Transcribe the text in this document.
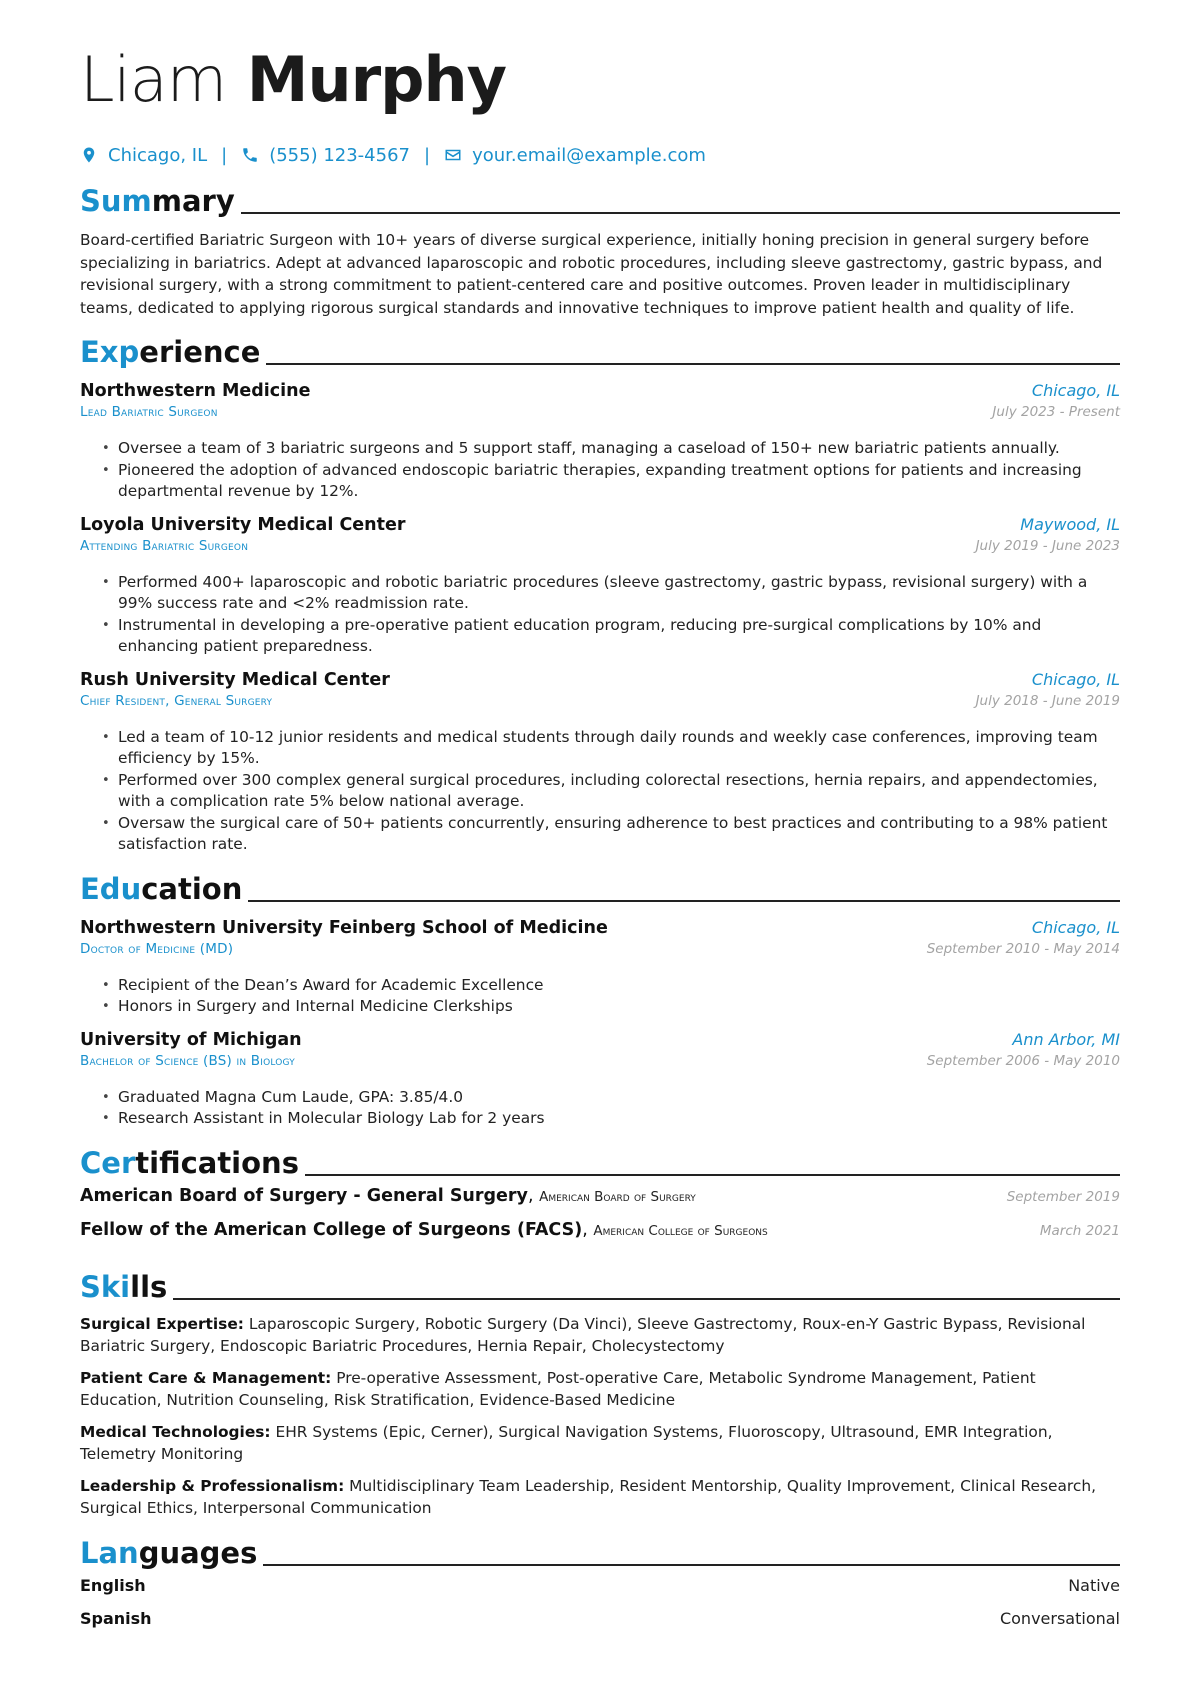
Liam Murphy
Chicago, IL | (555) 123-4567 | your.email@example.com
Summary
Board-certified Bariatric Surgeon with 10+ years of diverse surgical experience, initially honing precision in general surgery before specializing in bariatrics. Adept at advanced laparoscopic and robotic procedures, including sleeve gastrectomy, gastric bypass, and revisional surgery, with a strong commitment to patient-centered care and positive outcomes. Proven leader in multidisciplinary teams, dedicated to applying rigorous surgical standards and innovative techniques to improve patient health and quality of life.
Experience
Northwestern Medicine	Chicago, IL
Lead Bariatric Surgeon	July 2023 - Present
• Oversee a team of 3 bariatric surgeons and 5 support staff, managing a caseload of 150+ new bariatric patients annually.
• Pioneered the adoption of advanced endoscopic bariatric therapies, expanding treatment options for patients and increasing departmental revenue by 12%.
Loyola University Medical Center	Maywood, IL
Attending Bariatric Surgeon	July 2019 - June 2023
• Performed 400+ laparoscopic and robotic bariatric procedures (sleeve gastrectomy, gastric bypass, revisional surgery) with a 99% success rate and <2% readmission rate.
• Instrumental in developing a pre-operative patient education program, reducing pre-surgical complications by 10% and enhancing patient preparedness.
Rush University Medical Center	Chicago, IL
Chief Resident, General Surgery	July 2018 - June 2019
• Led a team of 10-12 junior residents and medical students through daily rounds and weekly case conferences, improving team efficiency by 15%.
• Performed over 300 complex general surgical procedures, including colorectal resections, hernia repairs, and appendectomies, with a complication rate 5% below national average.
• Oversaw the surgical care of 50+ patients concurrently, ensuring adherence to best practices and contributing to a 98% patient satisfaction rate.
Education
Northwestern University Feinberg School of Medicine	Chicago, IL
Doctor of Medicine (MD)	September 2010 - May 2014
• Recipient of the Dean’s Award for Academic Excellence
• Honors in Surgery and Internal Medicine Clerkships
University of Michigan	Ann Arbor, MI
Bachelor of Science (BS) in Biology	September 2006 - May 2010
• Graduated Magna Cum Laude, GPA: 3.85/4.0
• Research Assistant in Molecular Biology Lab for 2 years
Certifications
American Board of Surgery - General Surgery, American Board of Surgery	September 2019
Fellow of the American College of Surgeons (FACS), American College of Surgeons	March 2021
Skills
Surgical Expertise: Laparoscopic Surgery, Robotic Surgery (Da Vinci), Sleeve Gastrectomy, Roux-en-Y Gastric Bypass, Revisional Bariatric Surgery, Endoscopic Bariatric Procedures, Hernia Repair, Cholecystectomy
Patient Care & Management: Pre-operative Assessment, Post-operative Care, Metabolic Syndrome Management, Patient Education, Nutrition Counseling, Risk Stratification, Evidence-Based Medicine
Medical Technologies: EHR Systems (Epic, Cerner), Surgical Navigation Systems, Fluoroscopy, Ultrasound, EMR Integration, Telemetry Monitoring
Leadership & Professionalism: Multidisciplinary Team Leadership, Resident Mentorship, Quality Improvement, Clinical Research, Surgical Ethics, Interpersonal Communication
Languages
English	Native
Spanish	Conversational
